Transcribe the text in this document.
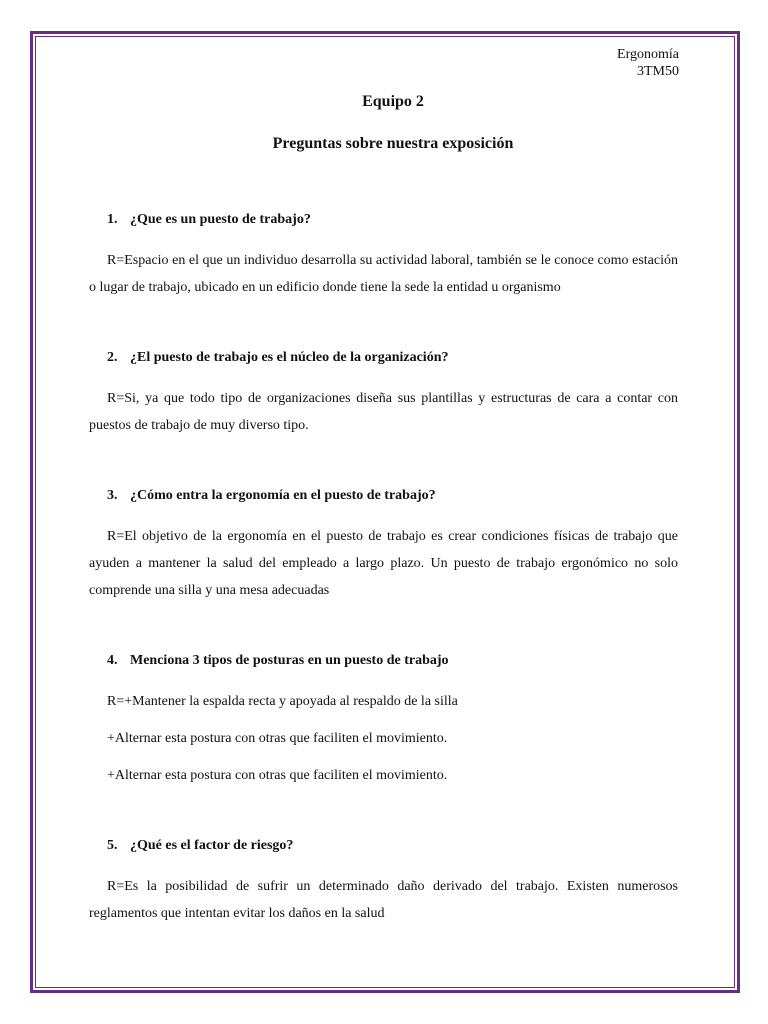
Ergonomía
3TM50
Equipo 2
Preguntas sobre nuestra exposición

1. ¿Que es un puesto de trabajo?

R=Espacio en el que un individuo desarrolla su actividad laboral, también se le conoce como estación o lugar de trabajo, ubicado en un edificio donde tiene la sede la entidad u organismo

2. ¿El puesto de trabajo es el núcleo de la organización?

R=Si, ya que todo tipo de organizaciones diseña sus plantillas y estructuras de cara a contar con puestos de trabajo de muy diverso tipo.

3. ¿Cómo entra la ergonomía en el puesto de trabajo?

R=El objetivo de la ergonomía en el puesto de trabajo es crear condiciones físicas de trabajo que ayuden a mantener la salud del empleado a largo plazo. Un puesto de trabajo ergonómico no solo comprende una silla y una mesa adecuadas

4. Menciona 3 tipos de posturas en un puesto de trabajo

R=+Mantener la espalda recta y apoyada al respaldo de la silla

+Alternar esta postura con otras que faciliten el movimiento.

+Alternar esta postura con otras que faciliten el movimiento.

5. ¿Qué es el factor de riesgo?

R=Es la posibilidad de sufrir un determinado daño derivado del trabajo. Existen numerosos reglamentos que intentan evitar los daños en la salud
